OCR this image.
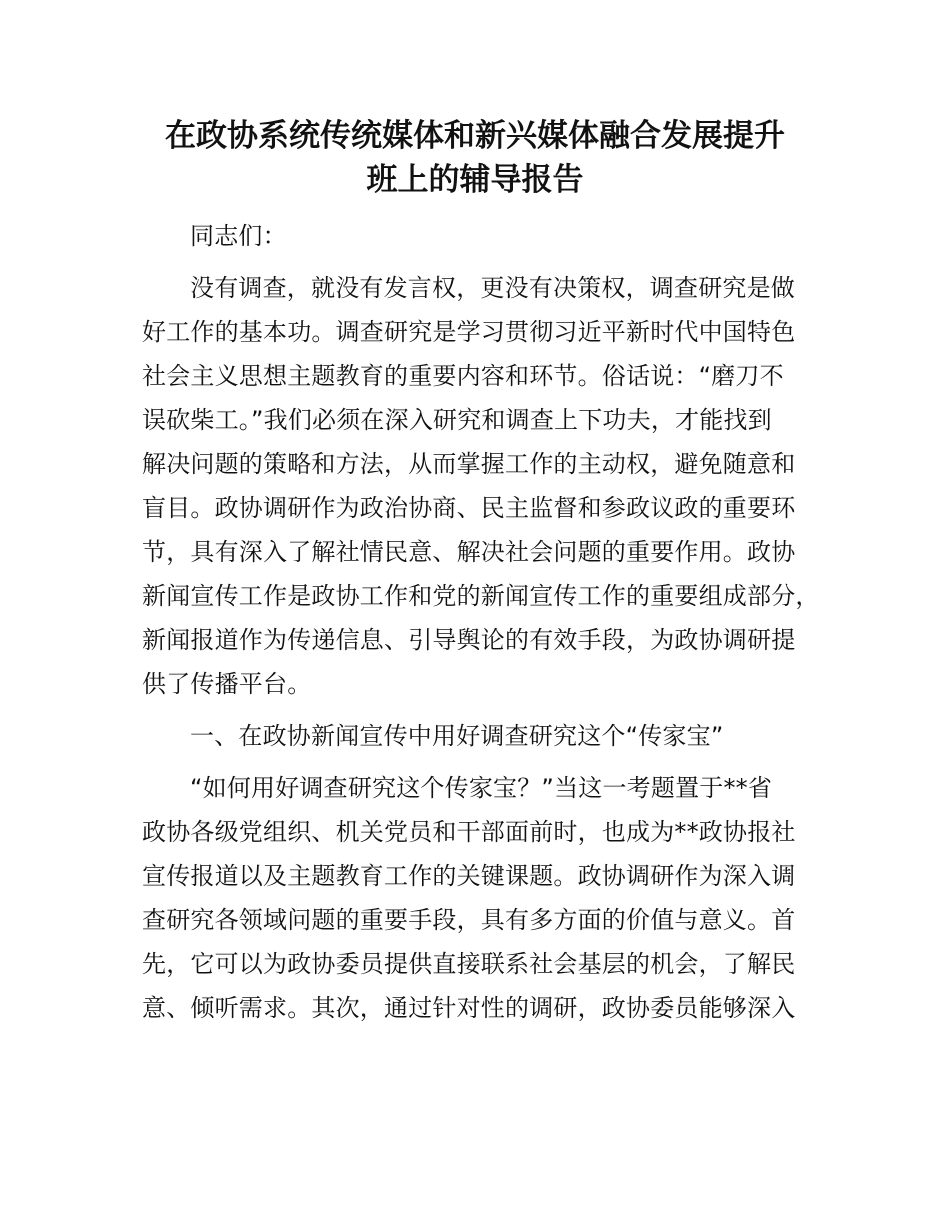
在政协系统传统媒体和新兴媒体融合发展提升
班上的辅导报告
同志们：
没有调查，就没有发言权，更没有决策权，调查研究是做
好工作的基本功。调查研究是学习贯彻习近平新时代中国特色
社会主义思想主题教育的重要内容和环节。俗话说：“磨刀不
误砍柴工。”我们必须在深入研究和调查上下功夫，才能找到
解决问题的策略和方法，从而掌握工作的主动权，避免随意和
盲目。政协调研作为政治协商、民主监督和参政议政的重要环
节，具有深入了解社情民意、解决社会问题的重要作用。政协
新闻宣传工作是政协工作和党的新闻宣传工作的重要组成部分，
新闻报道作为传递信息、引导舆论的有效手段，为政协调研提
供了传播平台。
一、在政协新闻宣传中用好调查研究这个“传家宝”
“如何用好调查研究这个传家宝？”当这一考题置于**省
政协各级党组织、机关党员和干部面前时，也成为**政协报社
宣传报道以及主题教育工作的关键课题。政协调研作为深入调
查研究各领域问题的重要手段，具有多方面的价值与意义。首
先，它可以为政协委员提供直接联系社会基层的机会，了解民
意、倾听需求。其次，通过针对性的调研，政协委员能够深入
